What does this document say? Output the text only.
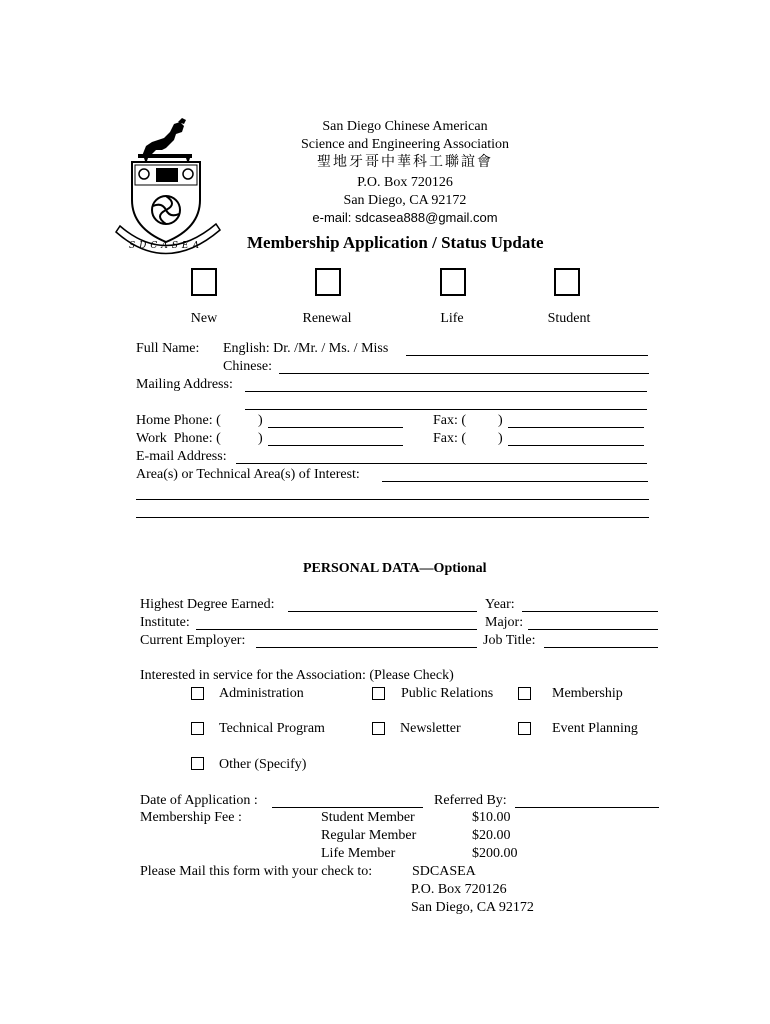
SDCASEA
San Diego Chinese American
Science and Engineering Association
聖地牙哥中華科工聯誼會
P.O. Box 720126
San Diego, CA 92172
e-mail: sdcasea888@gmail.com
Membership Application / Status Update
New	Renewal	Life	Student
Full Name: English: Dr. /Mr. / Ms. / Miss
Chinese:
Mailing Address:
Home Phone: (	)	Fax: ( )
Work  Phone: (	)	Fax: ( )
E-mail Address:
Area(s) or Technical Area(s) of Interest:
PERSONAL DATA—Optional
Highest Degree Earned:	Year:
Institute:	Major:
Current Employer:	Job Title:
Interested in service for the Association: (Please Check)
Administration	Public Relations	Membership
Technical Program	Newsletter	Event Planning
Other (Specify)
Date of Application :	Referred By:
Membership Fee :	Student Member	$10.00
Regular Member	$20.00
Life Member	$200.00
Please Mail this form with your check to:	SDCASEA
P.O. Box 720126
San Diego, CA 92172
